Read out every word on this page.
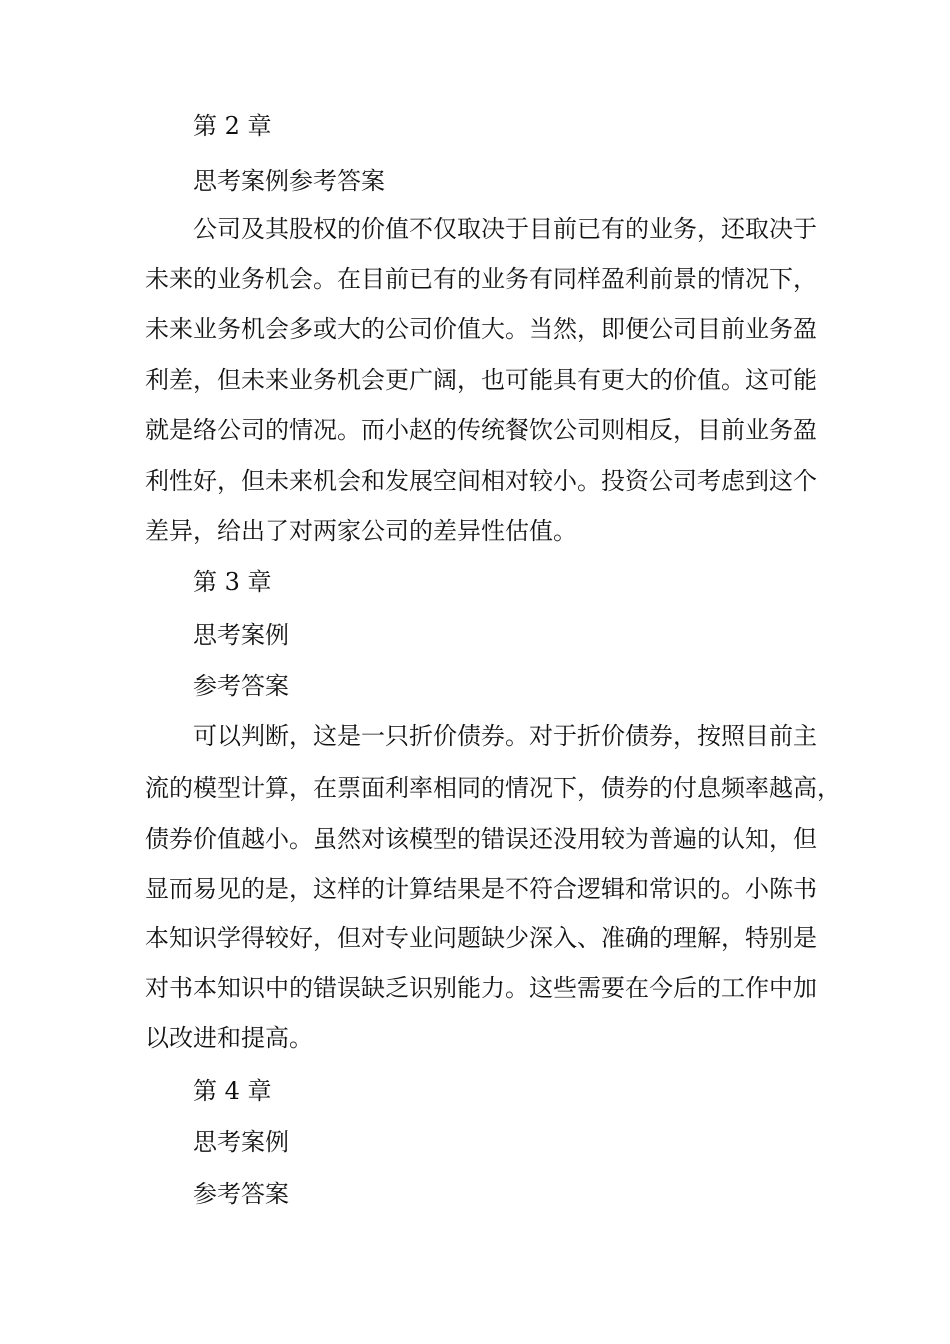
第 2 章
思考案例参考答案
公司及其股权的价值不仅取决于目前已有的业务，还取决于
未来的业务机会。在目前已有的业务有同样盈利前景的情况下，
未来业务机会多或大的公司价值大。当然，即便公司目前业务盈
利差，但未来业务机会更广阔，也可能具有更大的价值。这可能
就是络公司的情况。而小赵的传统餐饮公司则相反，目前业务盈
利性好，但未来机会和发展空间相对较小。投资公司考虑到这个
差异，给出了对两家公司的差异性估值。
第 3 章
思考案例
参考答案
可以判断，这是一只折价债券。对于折价债券，按照目前主
流的模型计算，在票面利率相同的情况下，债券的付息频率越高，
债券价值越小。虽然对该模型的错误还没用较为普遍的认知，但
显而易见的是，这样的计算结果是不符合逻辑和常识的。小陈书
本知识学得较好，但对专业问题缺少深入、准确的理解，特别是
对书本知识中的错误缺乏识别能力。这些需要在今后的工作中加
以改进和提高。
第 4 章
思考案例
参考答案
